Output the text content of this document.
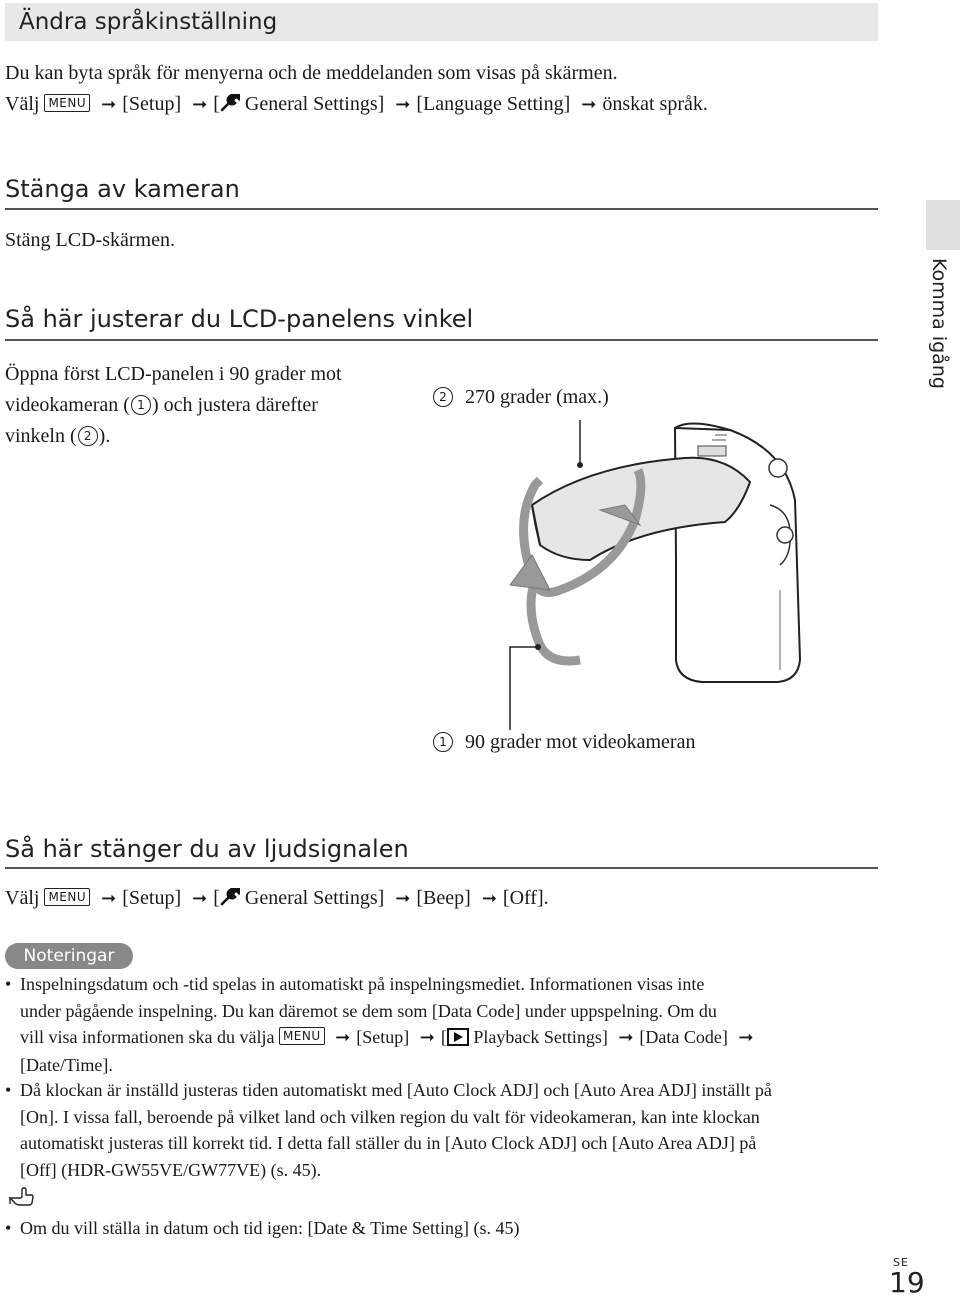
Ändra språkinställning
Du kan byta språk för menyerna och de meddelanden som visas på skärmen.
Välj MENU ➞ [Setup] ➞ [ General Settings] ➞ [Language Setting] ➞ önskat språk.
Stänga av kameran
Stäng LCD-skärmen.
Så här justerar du LCD-panelens vinkel
Öppna först LCD-panelen i 90 grader mot
videokameran ( 1 ) och justera därefter
vinkeln ( 2 ).
2 270 grader (max.)
1 90 grader mot videokameran
Så här stänger du av ljudsignalen
Välj MENU ➞ [Setup] ➞ [ General Settings] ➞ [Beep] ➞ [Off].
Noteringar
• Inspelningsdatum och -tid spelas in automatiskt på inspelningsmediet. Informationen visas inte
under pågående inspelning. Du kan däremot se dem som [Data Code] under uppspelning. Om du
vill visa informationen ska du välja MENU ➞ [Setup] ➞ [ Playback Settings] ➞ [Data Code] ➞
[Date/Time].
• Då klockan är inställd justeras tiden automatiskt med [Auto Clock ADJ] och [Auto Area ADJ] inställt på
[On]. I vissa fall, beroende på vilket land och vilken region du valt för videokameran, kan inte klockan
automatiskt justeras till korrekt tid. I detta fall ställer du in [Auto Clock ADJ] och [Auto Area ADJ] på
[Off] (HDR-GW55VE/GW77VE) (s. 45).
• Om du vill ställa in datum och tid igen: [Date & Time Setting] (s. 45)
Komma igång
SE
19
